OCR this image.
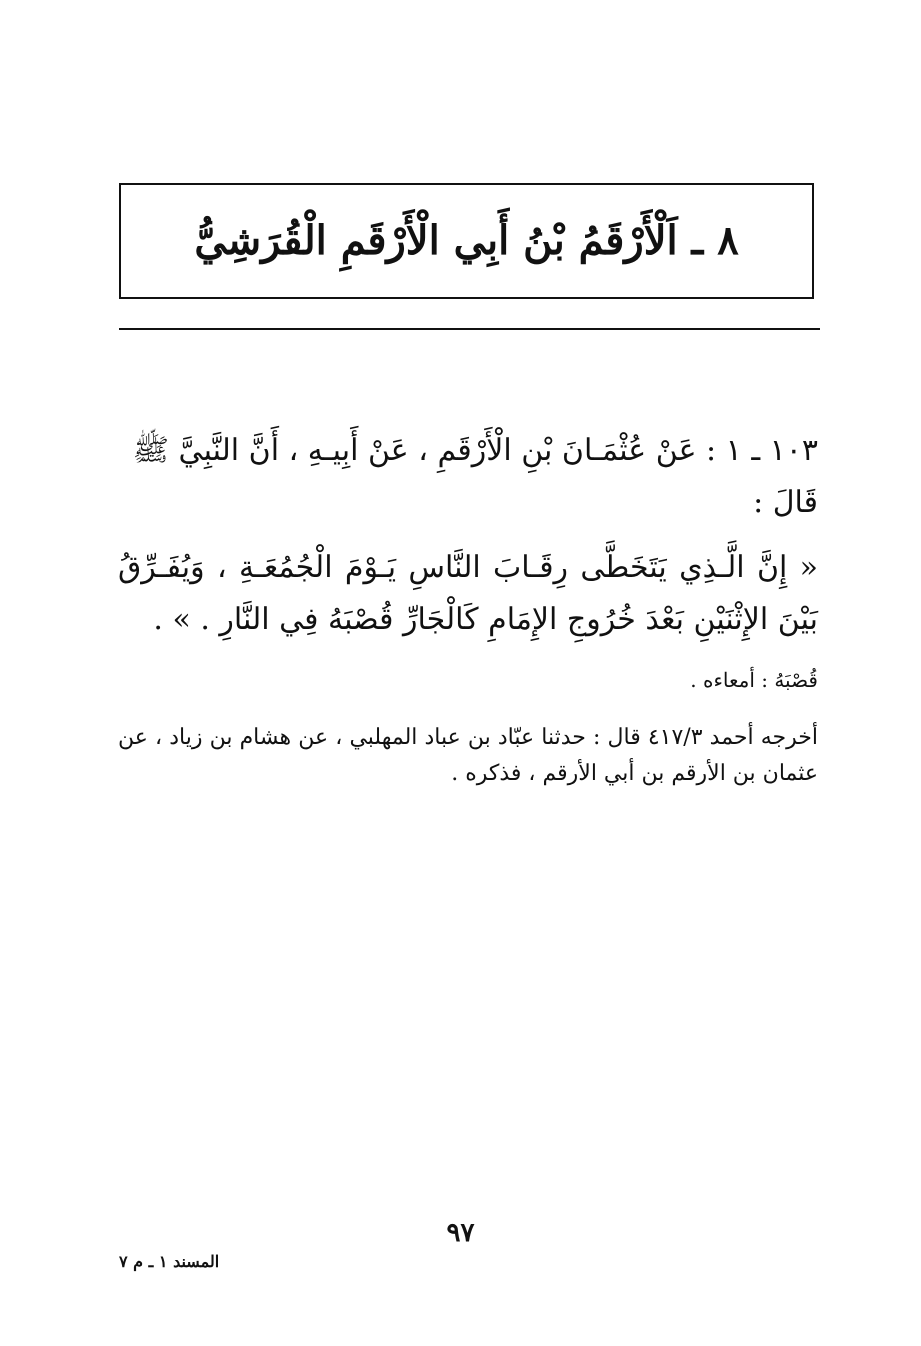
٨ ـ اَلْأَرْقَمُ بْنُ أَبِي الْأَرْقَمِ الْقُرَشِيُّ
١٠٣ ـ ١ : عَنْ عُثْمَـانَ بْنِ الْأَرْقَمِ ، عَنْ أَبِيـهِ ، أَنَّ النَّبِيَّ ﷺ قَالَ :
« إِنَّ الَّـذِي يَتَخَطَّى رِقَـابَ النَّاسِ يَـوْمَ الْجُمُعَـةِ ، وَيُفَـرِّقُ بَيْنَ الإِثْنَيْنِ بَعْدَ خُرُوجِ الإِمَامِ كَالْجَارِّ قُصْبَهُ فِي النَّارِ . » .
قُصْبَهُ : أمعاءه .
أخرجه أحمد ٤١٧/٣ قال : حدثنا عبّاد بن عباد المهلبي ، عن هشام بن زياد ، عن عثمان بن الأرقم بن أبي الأرقم ، فذكره .
٩٧
المسند ١ ـ م ٧
